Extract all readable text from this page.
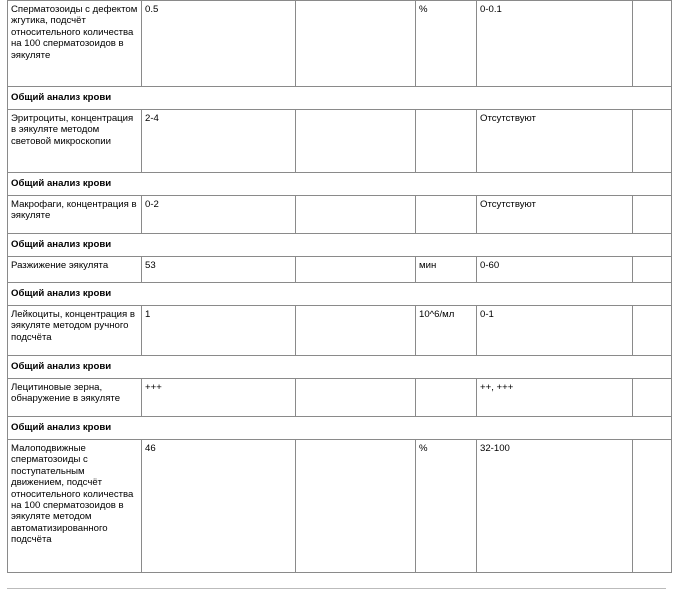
Сперматозоиды с дефектом жгутика, подсчёт относительного количества на 100 сперматозоидов в эякуляте	0.5		%	0-0.1	
Общий анализ крови					
Эритроциты, концентрация в эякуляте методом световой микроскопии	2-4			Отсутствуют	
Общий анализ крови					
Макрофаги, концентрация в эякуляте	0-2			Отсутствуют	
Общий анализ крови					
Разжижение эякулята	53		мин	0-60	
Общий анализ крови					
Лейкоциты, концентрация в эякуляте методом ручного подсчёта	1		10^6/мл	0-1	
Общий анализ крови					
Лецитиновые зерна, обнаружение в эякуляте	+++			++, +++	
Общий анализ крови					
Малоподвижные сперматозоиды с поступательным движением, подсчёт относительного количества на 100 сперматозоидов в эякуляте методом автоматизированного подсчёта	46		%	32-100	
